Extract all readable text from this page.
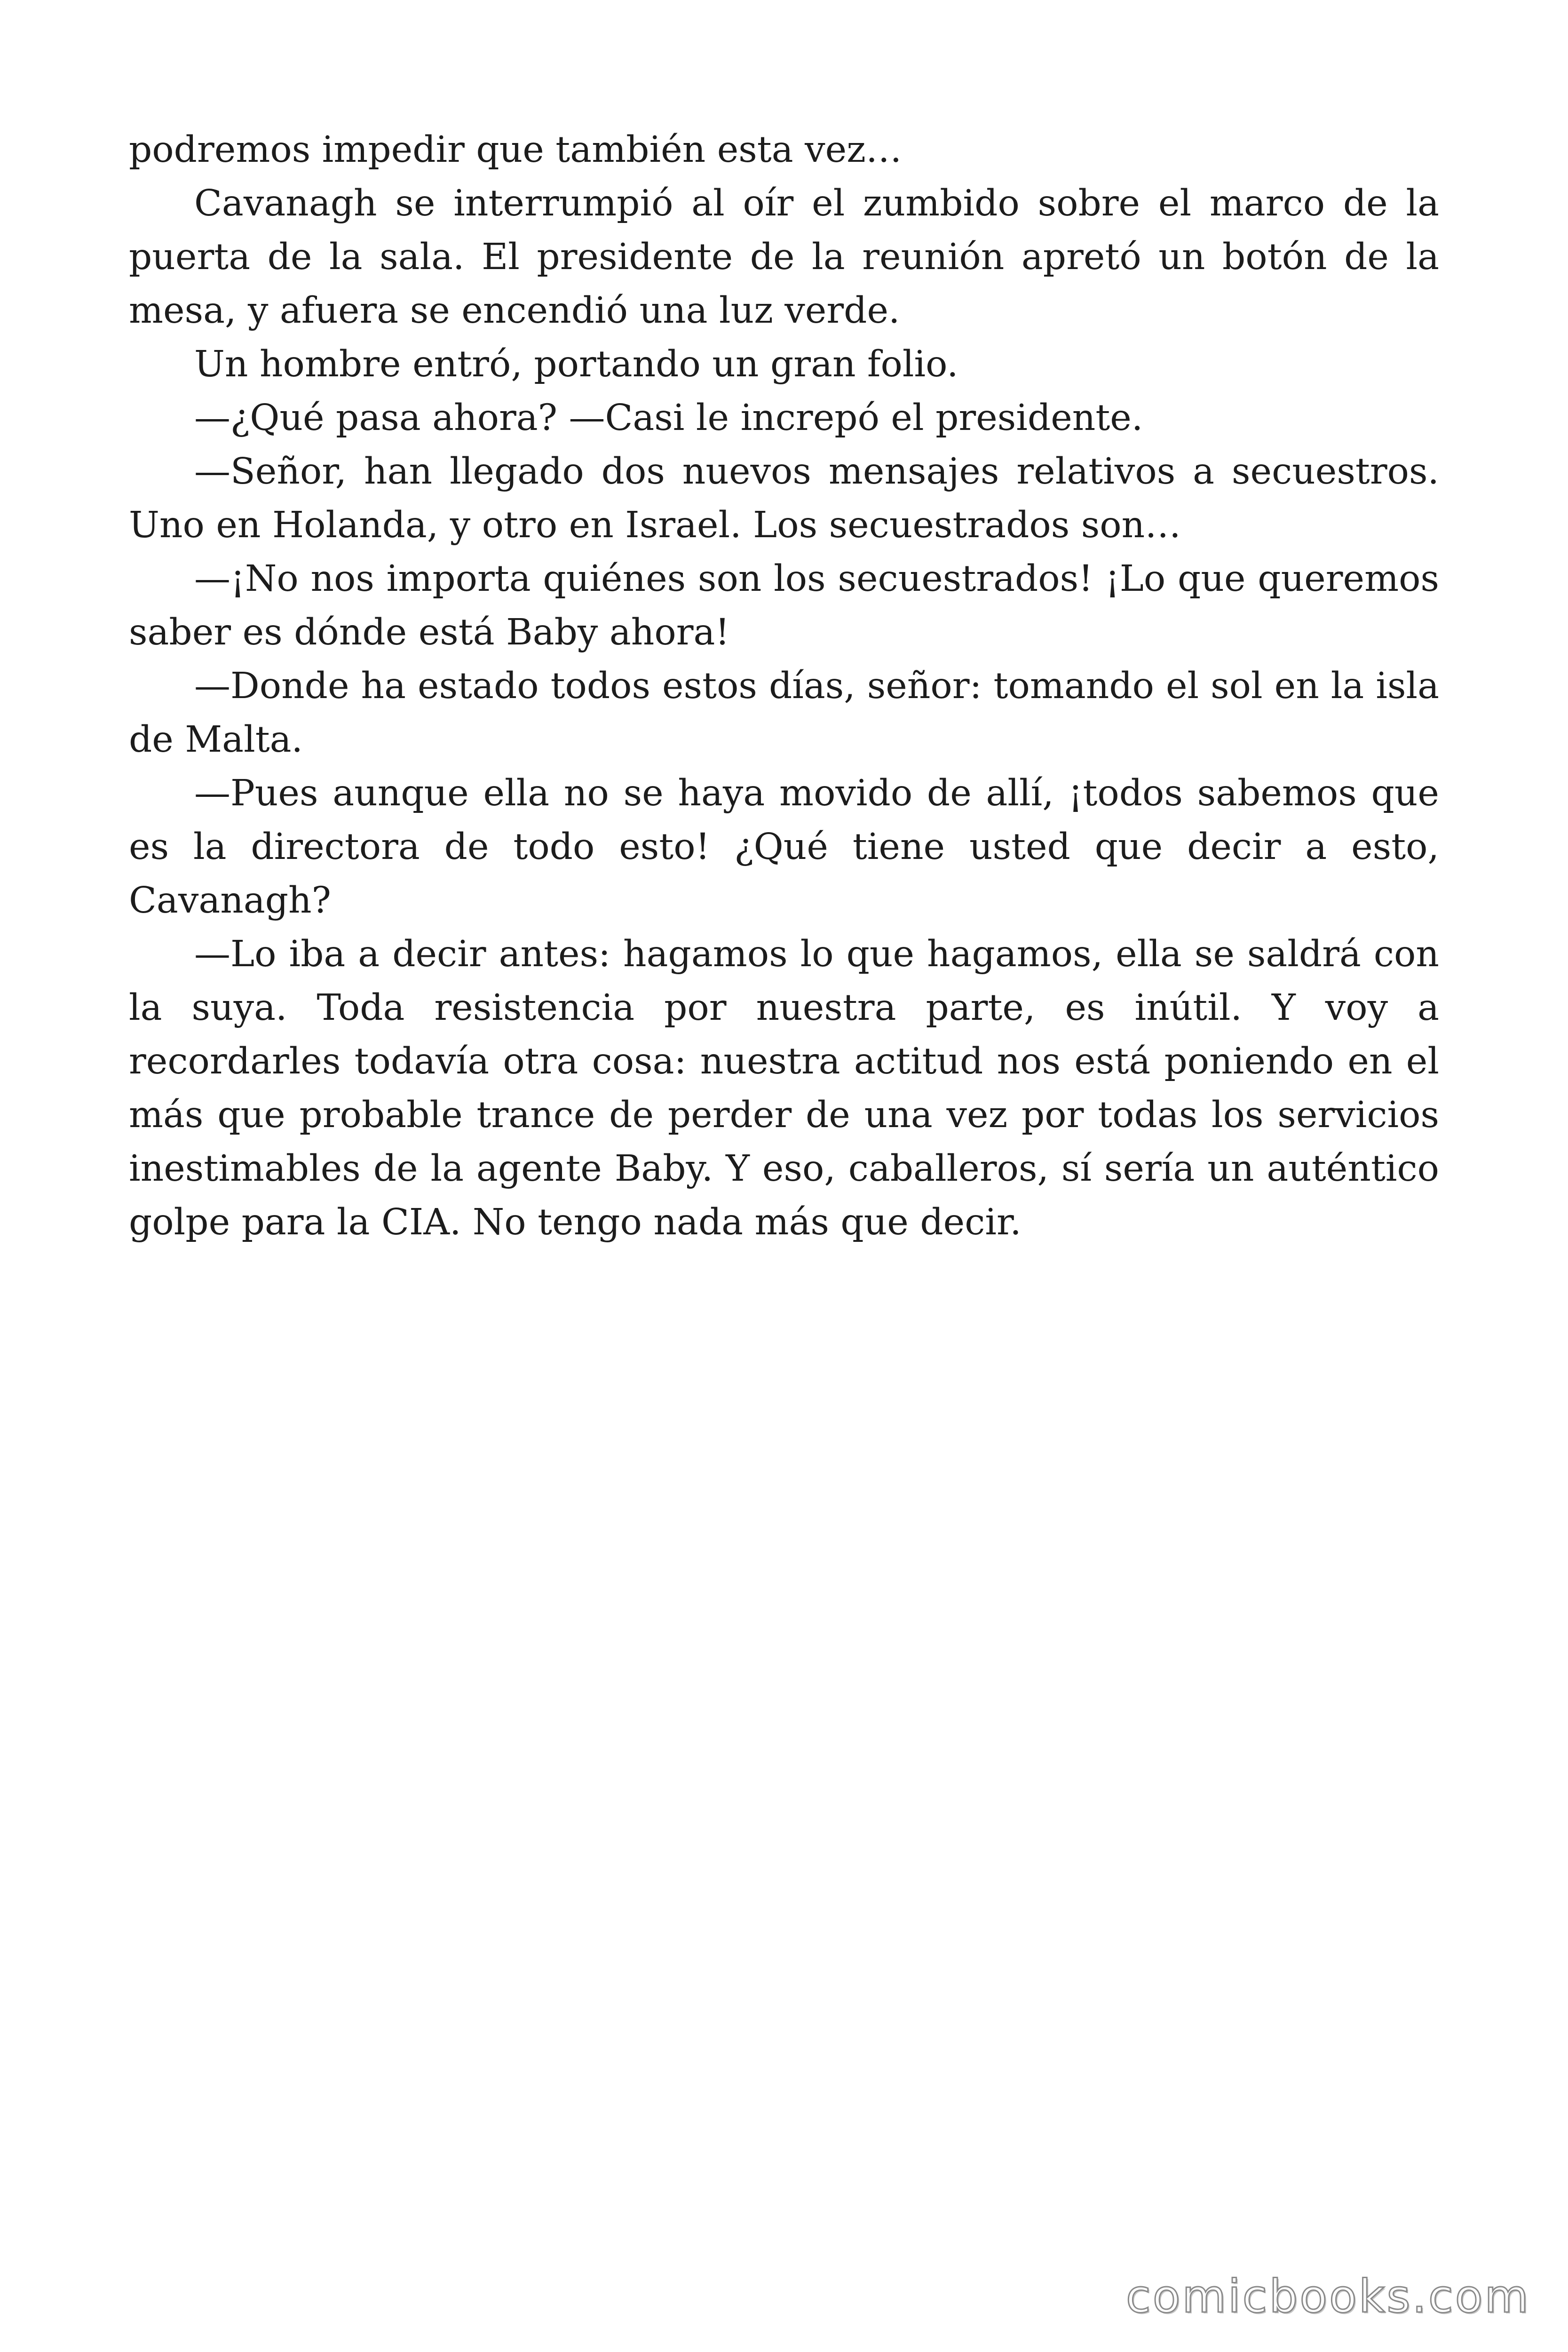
podremos impedir que también esta vez…

Cavanagh se interrumpió al oír el zumbido sobre el marco de la puerta de la sala. El presidente de la reunión apretó un botón de la mesa, y afuera se encendió una luz verde.

Un hombre entró, portando un gran folio.

—¿Qué pasa ahora? —Casi le increpó el presidente.

—Señor, han llegado dos nuevos mensajes relativos a secuestros. Uno en Holanda, y otro en Israel. Los secuestrados son…

—¡No nos importa quiénes son los secuestrados! ¡Lo que queremos saber es dónde está Baby ahora!

—Donde ha estado todos estos días, señor: tomando el sol en la isla de Malta.

—Pues aunque ella no se haya movido de allí, ¡todos sabemos que es la directora de todo esto! ¿Qué tiene usted que decir a esto, Cavanagh?

—Lo iba a decir antes: hagamos lo que hagamos, ella se saldrá con la suya. Toda resistencia por nuestra parte, es inútil. Y voy a recordarles todavía otra cosa: nuestra actitud nos está poniendo en el más que probable trance de perder de una vez por todas los servicios inestimables de la agente Baby. Y eso, caballeros, sí sería un auténtico golpe para la CIA. No tengo nada más que decir.

comicbooks.com
